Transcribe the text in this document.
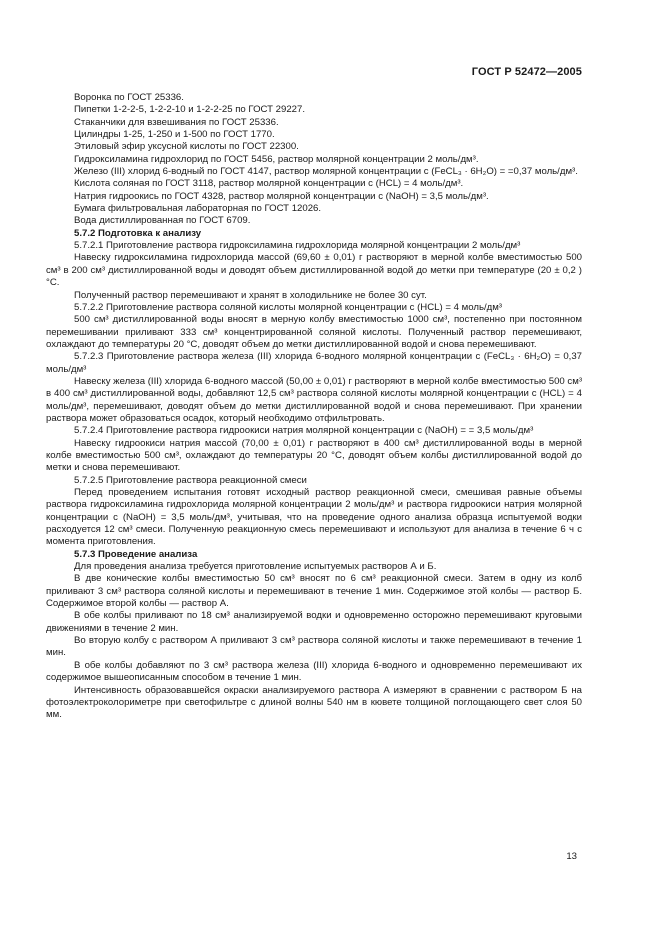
ГОСТ Р 52472—2005

Воронка по ГОСТ 25336.

Пипетки 1-2-2-5, 1-2-2-10 и 1-2-2-25 по ГОСТ 29227.

Стаканчики для взвешивания по ГОСТ 25336.

Цилиндры 1-25, 1-250 и 1-500 по ГОСТ 1770.

Этиловый эфир уксусной кислоты по ГОСТ 22300.

Гидроксиламина гидрохлорид по ГОСТ 5456, раствор молярной концентрации 2 моль/дм³.

Железо (III) хлорид 6-водный по ГОСТ 4147, раствор молярной концентрации c (FeCL₃ · 6H₂O) = =0,37 моль/дм³.

Кислота соляная по ГОСТ 3118, раствор молярной концентрации c (HCL) = 4 моль/дм³.

Натрия гидроокись по ГОСТ 4328, раствор молярной концентрации c (NaOH) = 3,5 моль/дм³.

Бумага фильтровальная лабораторная по ГОСТ 12026.

Вода дистиллированная по ГОСТ 6709.

5.7.2 Подготовка к анализу

5.7.2.1 Приготовление раствора гидроксиламина гидрохлорида молярной концентрации 2 моль/дм³

Навеску гидроксиламина гидрохлорида массой (69,60 ± 0,01) г растворяют в мерной колбе вместимостью 500 см³ в 200 см³ дистиллированной воды и доводят объем дистиллированной водой до метки при температуре (20 ± 0,2 ) °С.

Полученный раствор перемешивают и хранят в холодильнике не более 30 сут.

5.7.2.2 Приготовление раствора соляной кислоты молярной концентрации c (HCL) = 4 моль/дм³

500 см³ дистиллированной воды вносят в мерную колбу вместимостью 1000 см³, постепенно при постоянном перемешивании приливают 333 см³ концентрированной соляной кислоты. Полученный раствор перемешивают, охлаждают до температуры 20 °С, доводят объем до метки дистиллированной водой и снова перемешивают.

5.7.2.3 Приготовление раствора железа (III) хлорида 6-водного молярной концентрации c (FeCL₃ · 6H₂O) = 0,37 моль/дм³

Навеску железа (III) хлорида 6-водного массой (50,00 ± 0,01) г растворяют в мерной колбе вместимостью 500 см³ в 400 см³ дистиллированной воды, добавляют 12,5 см³ раствора соляной кислоты молярной концентрации c (HCL) = 4 моль/дм³, перемешивают, доводят объем до метки дистиллированной водой и снова перемешивают. При хранении раствора может образоваться осадок, который необходимо отфильтровать.

5.7.2.4 Приготовление раствора гидроокиси натрия молярной концентрации c (NaOH) = = 3,5 моль/дм³

Навеску гидроокиси натрия массой (70,00 ± 0,01) г растворяют в 400 см³ дистиллированной воды в мерной колбе вместимостью 500 см³, охлаждают до температуры 20 °С, доводят объем колбы дистиллированной водой до метки и снова перемешивают.

5.7.2.5 Приготовление раствора реакционной смеси

Перед проведением испытания готовят исходный раствор реакционной смеси, смешивая равные объемы раствора гидроксиламина гидрохлорида молярной концентрации 2 моль/дм³ и раствора гидроокиси натрия молярной концентрации c (NaOH) = 3,5 моль/дм³, учитывая, что на проведение одного анализа образца испытуемой водки расходуется 12 см³ смеси. Полученную реакционную смесь перемешивают и используют для анализа в течение 6 ч с момента приготовления.

5.7.3 Проведение анализа

Для проведения анализа требуется приготовление испытуемых растворов А и Б.

В две конические колбы вместимостью 50 см³ вносят по 6 см³ реакционной смеси. Затем в одну из колб приливают 3 см³ раствора соляной кислоты и перемешивают в течение 1 мин. Содержимое этой колбы — раствор Б. Содержимое второй колбы — раствор А.

В обе колбы приливают по 18 см³ анализируемой водки и одновременно осторожно перемешивают круговыми движениями в течение 2 мин.

Во вторую колбу с раствором А приливают 3 см³ раствора соляной кислоты и также перемешивают в течение 1 мин.

В обе колбы добавляют по 3 см³ раствора железа (III) хлорида 6-водного и одновременно перемешивают их содержимое вышеописанным способом в течение 1 мин.

Интенсивность образовавшейся окраски анализируемого раствора А измеряют в сравнении с раствором Б на фотоэлектроколориметре при светофильтре с длиной волны 540 нм в кювете толщиной поглощающего свет слоя 50 мм.

13
